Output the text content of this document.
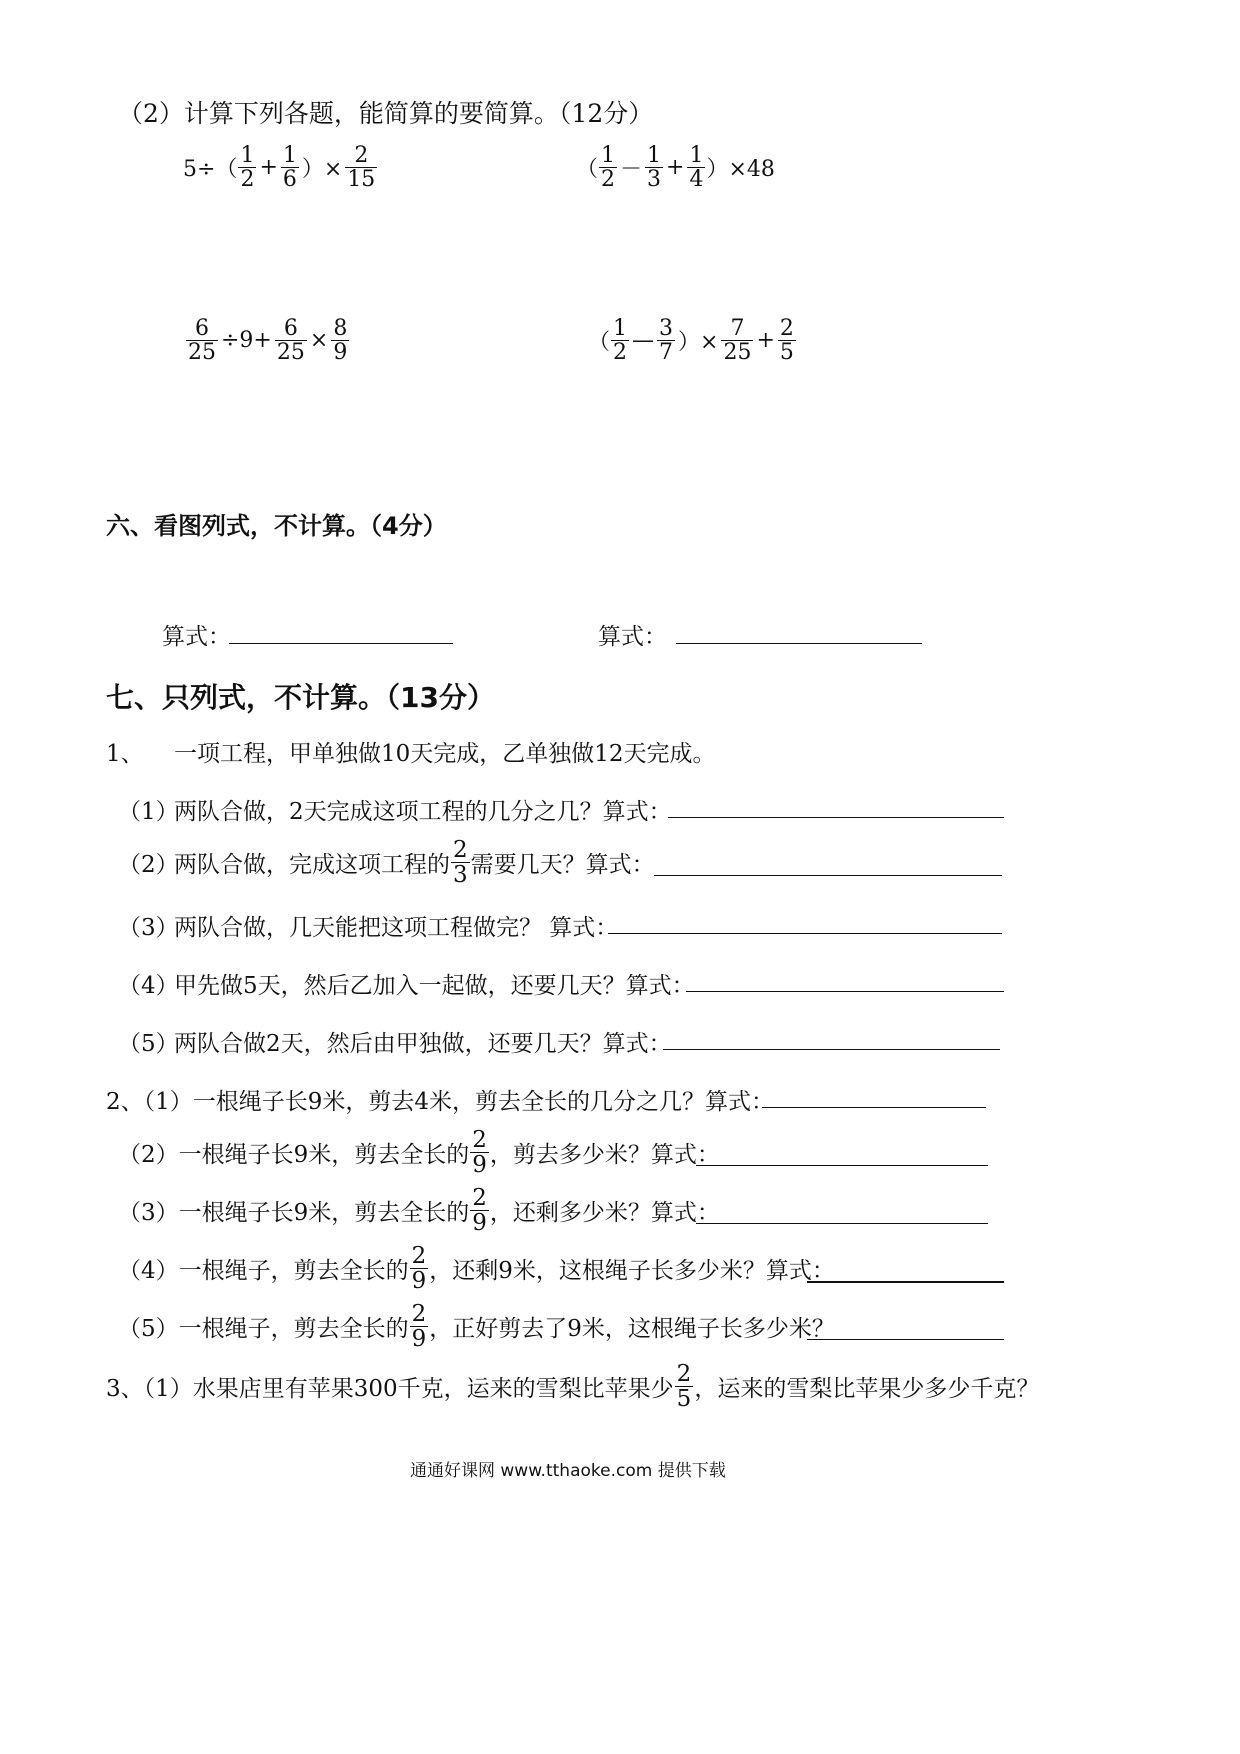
（2）计算下列各题，能简算的要简算。（12分）
5÷（
1
$2 + \frac{1}{6}$ ）× $\frac{2}{15}$	（
1
2 －
1
$3 + \frac{1}{4} )\times 48$
$\frac{6}{25} \div 9+ \frac{6}{25} \times \frac{8}{9}$	（
1
2 — 3
7 ）× $\frac{7}{25} + \frac{2}{5}$
六、看图列式，不计算。（4分）
算式：	算式：
七、只列式，不计算。（13分）
1、 一项工程，甲单独做10天完成，乙单独做12天完成。
（1）
两队合做，2天完成这项工程的几分之几？算式：
（2）
两队合做，完成这项工程的
2
3 需要几天？算式：
（3）
两队合做，几天能把这项工程做完？ 算式：
（4）
甲先做5天，然后乙加入一起做，还要几天？算式：
（5）
两队合做2天，然后由甲独做，还要几天？算式：
2、（1）一根绳子长9米，剪去4米，剪去全长的几分之几？算式：
（2）一根绳子长9米，剪去全长的
2
9 ，剪去多少米？算式：
（3）一根绳子长9米，剪去全长的
2
9 ，还剩多少米？算式：
（4）一根绳子，剪去全长的
2
9 ，还剩9米，这根绳子长多少米？算式：
（5）一根绳子，剪去全长的
2
9 ，正好剪去了9米，这根绳子长多少米？
3、（1）水果店里有苹果300千克，运来的雪梨比苹果少
2
5 ，运来的雪梨比苹果少多少千克？
通通好课网 www.tthaoke.com 提供下载
